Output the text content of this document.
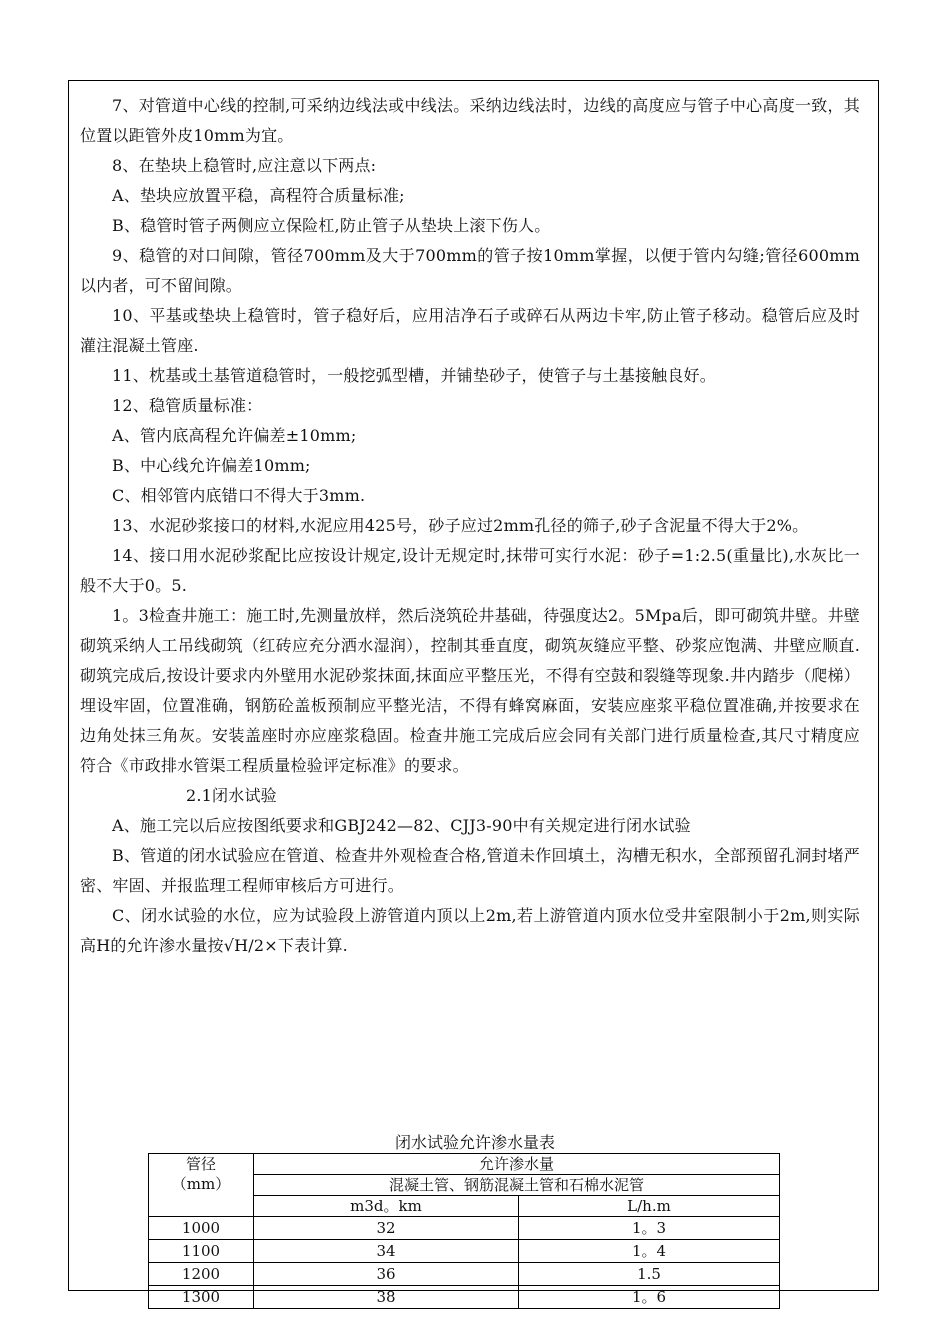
7、对管道中心线的控制,可采纳边线法或中线法。采纳边线法时，边线的高度应与管子中心高度一致，其位置以距管外皮10mm为宜。

8、在垫块上稳管时,应注意以下两点:

A、垫块应放置平稳，高程符合质量标准;

B、稳管时管子两侧应立保险杠,防止管子从垫块上滚下伤人。

9、稳管的对口间隙，管径700mm及大于700mm的管子按10mm掌握，以便于管内勾缝;管径600mm以内者，可不留间隙。

10、平基或垫块上稳管时，管子稳好后，应用洁净石子或碎石从两边卡牢,防止管子移动。稳管后应及时灌注混凝土管座.

11、枕基或土基管道稳管时，一般挖弧型槽，并铺垫砂子，使管子与土基接触良好。

12、稳管质量标准：

A、管内底高程允许偏差±10mm;

B、中心线允许偏差10mm;

C、相邻管内底错口不得大于3mm.

13、水泥砂浆接口的材料,水泥应用425号，砂子应过2mm孔径的筛子,砂子含泥量不得大于2%。

14、接口用水泥砂浆配比应按设计规定,设计无规定时,抹带可实行水泥：砂子=1:2.5(重量比),水灰比一般不大于0。5.

1。3检查井施工：施工时,先测量放样，然后浇筑砼井基础，待强度达2。5Mpa后，即可砌筑井壁。井壁砌筑采纳人工吊线砌筑（红砖应充分洒水湿润），控制其垂直度，砌筑灰缝应平整、砂浆应饱满、井壁应顺直.砌筑完成后,按设计要求内外壁用水泥砂浆抹面,抹面应平整压光，不得有空鼓和裂缝等现象.井内踏步（爬梯）埋设牢固，位置准确，钢筋砼盖板预制应平整光洁，不得有蜂窝麻面，安装应座浆平稳位置准确,并按要求在边角处抹三角灰。安装盖座时亦应座浆稳固。检查井施工完成后应会同有关部门进行质量检查,其尺寸精度应符合《市政排水管渠工程质量检验评定标准》的要求。

2.1闭水试验

A、施工完以后应按图纸要求和GBJ242—82、CJJ3-90中有关规定进行闭水试验

B、管道的闭水试验应在管道、检查井外观检查合格,管道未作回填土，沟槽无积水，全部预留孔洞封堵严密、牢固、并报监理工程师审核后方可进行。

C、闭水试验的水位，应为试验段上游管道内顶以上2m,若上游管道内顶水位受井室限制小于2m,则实际高H的允许渗水量按√H/2×下表计算.

闭水试验允许渗水量表
管径
（mm）	允许渗水量	
	混凝土管、钢筋混凝土管和石棉水泥管	
	m3d。km	L/h.m
1000	32	1。3
1100	34	1。4
1200	36	1.5
1300	38	1。6
